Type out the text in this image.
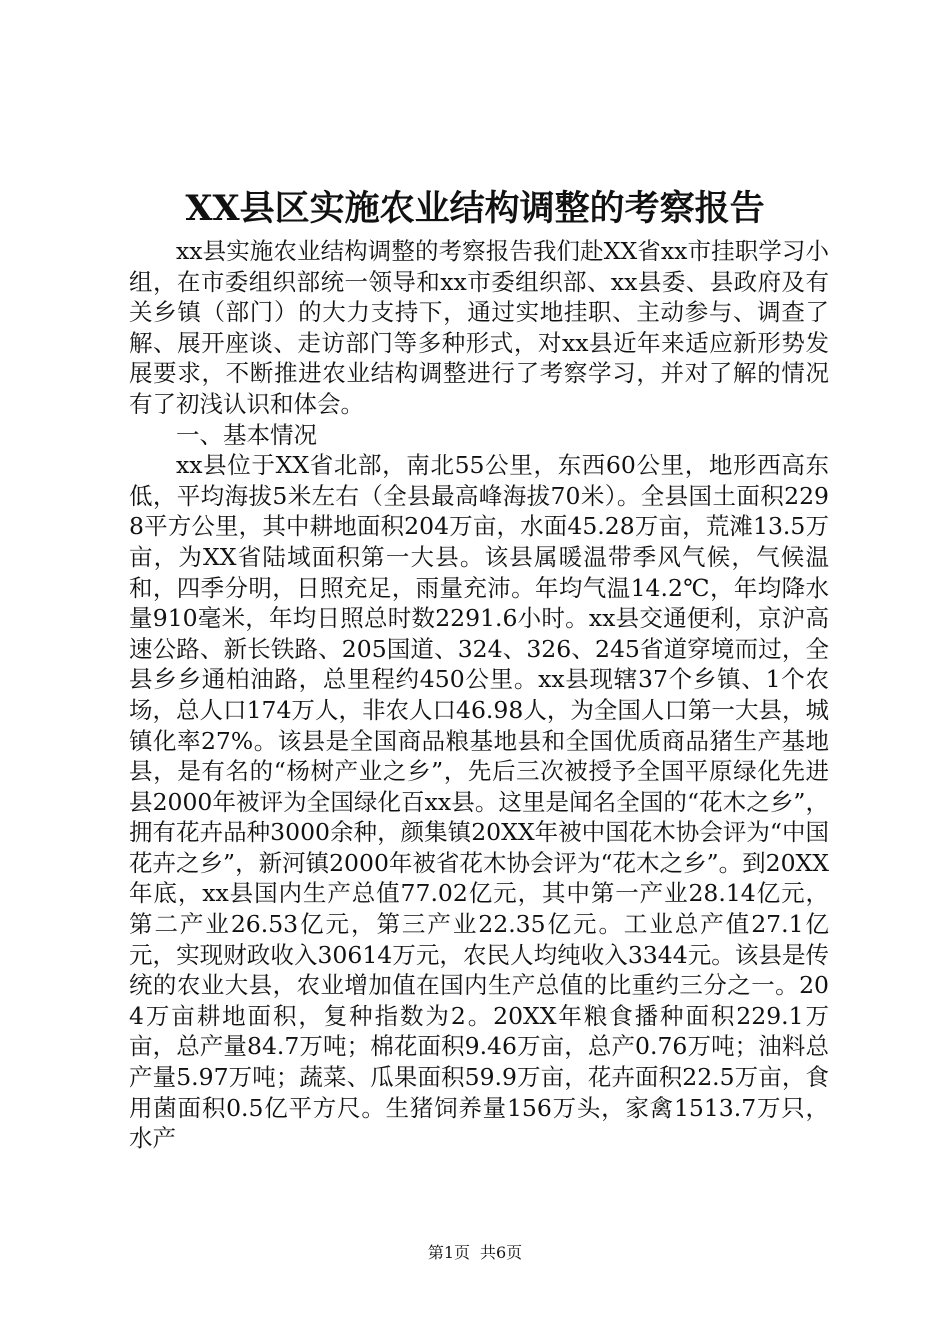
XX县区实施农业结构调整的考察报告

xx县实施农业结构调整的考察报告我们赴XX省xx市挂职学习小组，在市委组织部统一领导和xx市委组织部、xx县委、县政府及有关乡镇（部门）的大力支持下，通过实地挂职、主动参与、调查了解、展开座谈、走访部门等多种形式，对xx县近年来适应新形势发展要求，不断推进农业结构调整进行了考察学习，并对了解的情况有了初浅认识和体会。

一、基本情况

xx县位于XX省北部，南北55公里，东西60公里，地形西高东低，平均海拔5米左右（全县最高峰海拔70米）。全县国土面积2298平方公里，其中耕地面积204万亩，水面45.28万亩，荒滩13.5万亩，为XX省陆域面积第一大县。该县属暖温带季风气候，气候温和，四季分明，日照充足，雨量充沛。年均气温14.2℃，年均降水量910毫米，年均日照总时数2291.6小时。xx县交通便利，京沪高速公路、新长铁路、205国道、324、326、245省道穿境而过，全县乡乡通柏油路，总里程约450公里。xx县现辖37个乡镇、1个农场，总人口174万人，非农人口46.98人，为全国人口第一大县，城镇化率27%。该县是全国商品粮基地县和全国优质商品猪生产基地县，是有名的“杨树产业之乡”，先后三次被授予全国平原绿化先进县2000年被评为全国绿化百xx县。这里是闻名全国的“花木之乡”，拥有花卉品种3000余种，颜集镇20XX年被中国花木协会评为“中国花卉之乡”，新河镇2000年被省花木协会评为“花木之乡”。到20XX年底，xx县国内生产总值77.02亿元，其中第一产业28.14亿元，第二产业26.53亿元，第三产业22.35亿元。工业总产值27.1亿元，实现财政收入30614万元，农民人均纯收入3344元。该县是传统的农业大县，农业增加值在国内生产总值的比重约三分之一。204万亩耕地面积，复种指数为2。20XX年粮食播种面积229.1万亩，总产量84.7万吨；棉花面积9.46万亩，总产0.76万吨；油料总产量5.97万吨；蔬菜、瓜果面积59.9万亩，花卉面积22.5万亩，食用菌面积0.5亿平方尺。生猪饲养量156万头，家禽1513.7万只，水产

第1页 共6页
